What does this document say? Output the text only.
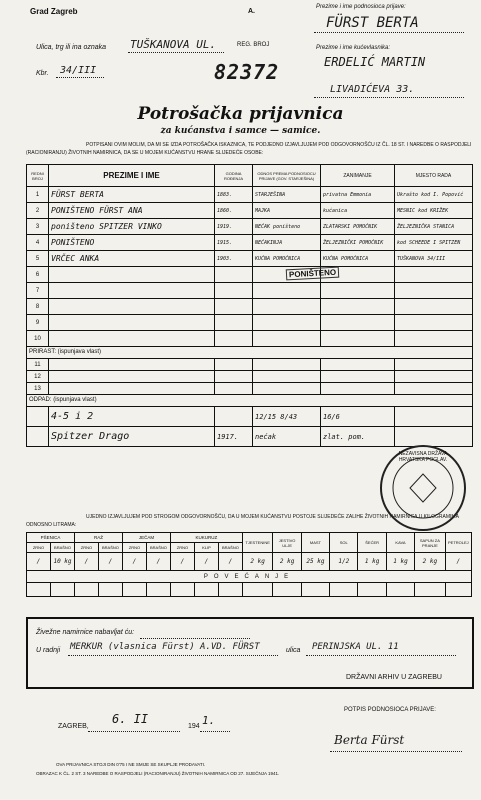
Grad Zagreb	A.
REG. BROJ
82372
Ulica, trg ili ina oznaka TUŠKANOVA UL.
Kbr. 34/III
Prezime i ime podnosioca prijave:
FÜRST BERTA
Prezime i ime kućevlasnika:
ERDELIĆ MARTIN
LIVADIĆEVA 33.
Potrošačka prijavnica
za kućanstva i samce — samice.
POTPISANI OVIM MOLIM, DA MI SE IZDA POTROŠAČKA ISKAZNICA, TE PODJEDNO IZJAVLJUJEM POD ODGOVORNOŠĆU IZ ČL. 18 ST. I NAREDBE O RASPODJELI (RACIONIRANJU) ŽIVOTNIH NAMIRNICA, DA SE U MOJEM KUĆANSTVU HRANE SLIJEDEĆE OSOBE:
REDNI BROJ	PREZIME I IME	GODINA ROĐENJA	ODNOS PREMA PODNOSIOCU PRIJAVE (GOV. STARJEŠINA)	ZANIMANJE	MJESTO RADA
1	FÜRST BERTA	1883.	STARJEŠINA	privatna Emmonia	Ukrašto kod I. Popović
2	PONIŠTENO FÜRST ANA	1860.	MAJKA	kućanica	MESNIC kod KRIŽEK
3	poništeno SPITZER VINKO	1919.	NEĆAK poništeno	ZLATARSKI POMOĆNIK	ŽELJEZNIČKA STANICA
4	PONIŠTENO	1915.	NEĆAKINJA	ŽELJEZNIČKI POMOĆNIK	kod SCHEEDE I SPITZEN
5	VRČEC ANKA	1903.	KUĆNA POMOĆNICA	KUĆNA POMOĆNICA	TUŠKANOVA 34/III
6					
7					
8					
9					
10					
PRIRAST: (ispunjava vlast)					
11					
12					
13					
ODPAD: (ispunjava vlast)					
	4-5 i 2		12/15 8/43	16/6	
	Spitzer Drago	1917.	nećak	zlat. pom.	
UJEDNO IZJAVLJUJEM POD STROGOM ODGOVORNOŠĆU, DA U MOJEM KUĆANSTVU POSTOJE SLIJEDEĆE ZALIHE ŽIVOTNIH NAMIRNICA U KILOGRAMIMA ODNOSNO LITRAMA:
PŠENICA		RAŽ		JEČAM		KUKURUZ			TJESTENINE	JESTIVO ULJE	MAST	SOL	ŠEĆER	KAVA	SAPUN ZA PRANJE	PETROLEJ
ZRNO	BRAŠNO	ZRNO	BRAŠNO	ZRNO	BRAŠNO	ZRNO	KLIP	BRAŠNO								
/	10 kg	/	/	/	/	/	/	/	2 kg	2 kg	25 kg	1/2	1 kg	1 kg	2 kg	/
POVEĆANJE																

Živežne namirnice nabavljat ću:
U radnji MERKUR (vlasnica Fürst) A.VD. FÜRST	ulica PERINJSKA UL. 11
DRŽAVNI ARHIV U ZAGREBU
ZAGREB,
6. II
194 1.
POTPIS PODNOSIOCA PRIJAVE:
Berta Fürst
OVA PRIJAVNICA STOJI DIN 0'75 I NE SMIJE SE SKUPLJE PRODAVATI.
OBRAZAC K ČL. 2 ST. 3 NAREDBE O RASPODJELI (RACIONIRANJU) ŽIVOTNIH NAMIRNICA OD 27. SIJEČNJA 1941.
NEZAVISNA DRŽAVA HRVATSKA POGLAV.
PONIŠTENO
